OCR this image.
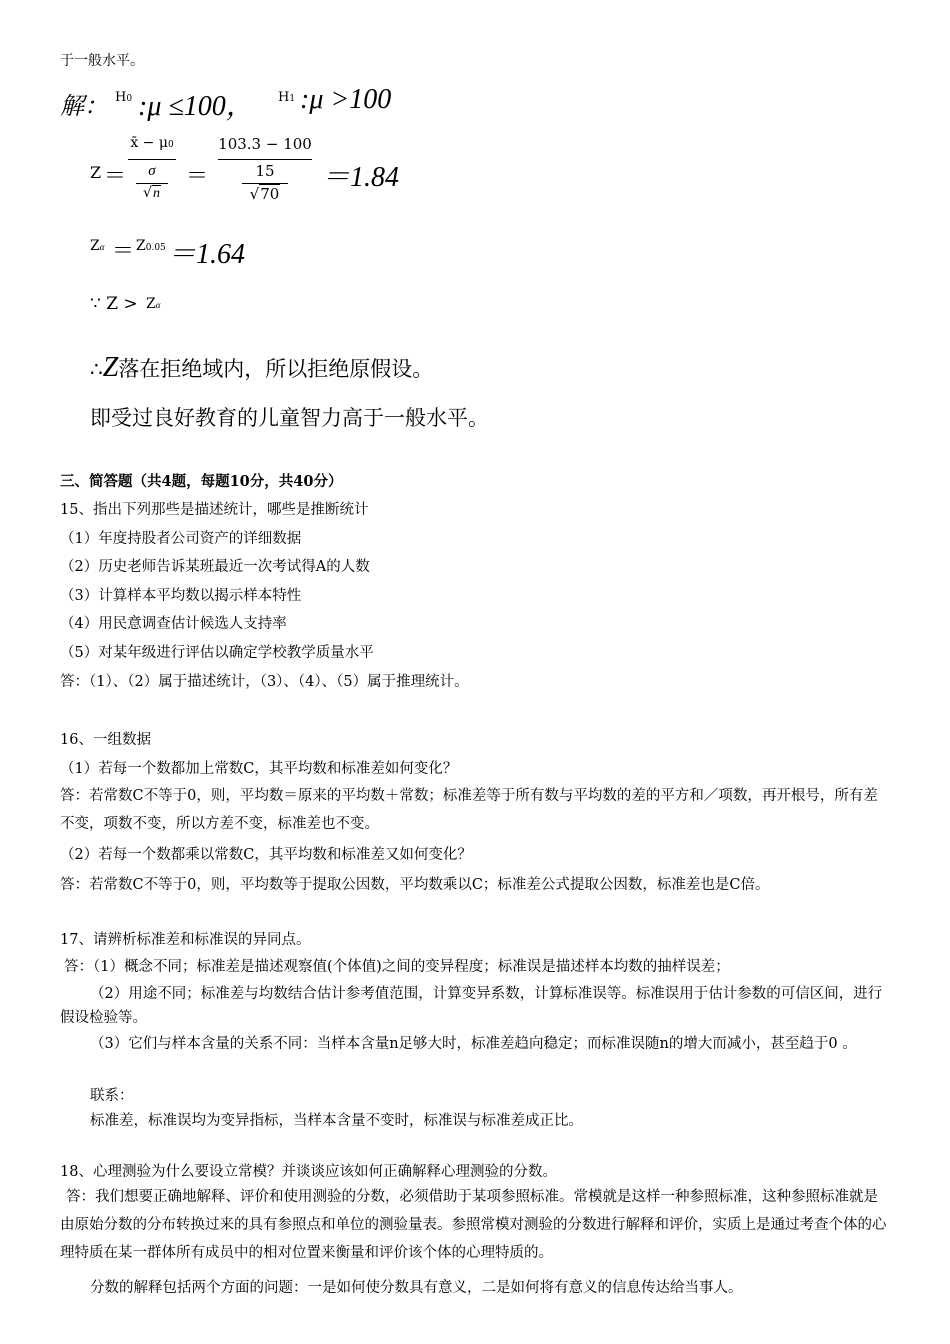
于一般水平。
解： H0 :μ ≤100， H1 :μ >100
Z ＝
x̄ − μ0
σ
√n
＝
103.3 − 100
15
√70
＝1.84
Zα ＝ Z0.05 ＝1.64
∵ Z > Zα
∴Z落在拒绝域内，所以拒绝原假设。
即受过良好教育的儿童智力高于一般水平。
三、简答题（共4题，每题10分，共40分）
15、指出下列那些是描述统计，哪些是推断统计
（1）年度持股者公司资产的详细数据
（2）历史老师告诉某班最近一次考试得A的人数
（3）计算样本平均数以揭示样本特性
（4）用民意调查估计候选人支持率
（5）对某年级进行评估以确定学校教学质量水平
答：（1）、（2）属于描述统计，（3）、（4）、（5）属于推理统计。
16、一组数据
（1）若每一个数都加上常数C，其平均数和标准差如何变化？
答：若常数C不等于0，则，平均数＝原来的平均数＋常数；标准差等于所有数与平均数的差的平方和／项数，再开根号，所有差不变，项数不变，所以方差不变，标准差也不变。
（2）若每一个数都乘以常数C，其平均数和标准差又如何变化？
答：若常数C不等于0，则，平均数等于提取公因数，平均数乘以C；标准差公式提取公因数，标准差也是C倍。
17、请辨析标准差和标准误的异同点。
答：（1）概念不同；标准差是描述观察值(个体值)之间的变异程度；标准误是描述样本均数的抽样误差；
（2）用途不同；标准差与均数结合估计参考值范围，计算变异系数，计算标准误等。标准误用于估计参数的可信区间，进行假设检验等。
（3）它们与样本含量的关系不同：当样本含量n足够大时，标准差趋向稳定；而标准误随n的增大而减小，甚至趋于0 。
联系：
标准差，标准误均为变异指标，当样本含量不变时，标准误与标准差成正比。
18、心理测验为什么要设立常模？并谈谈应该如何正确解释心理测验的分数。
答：我们想要正确地解释、评价和使用测验的分数，必须借助于某项参照标准。常模就是这样一种参照标准，这种参照标准就是由原始分数的分布转换过来的具有参照点和单位的测验量表。参照常模对测验的分数进行解释和评价，实质上是通过考查个体的心理特质在某一群体所有成员中的相对位置来衡量和评价该个体的心理特质的。
分数的解释包括两个方面的问题：一是如何使分数具有意义，二是如何将有意义的信息传达给当事人。
